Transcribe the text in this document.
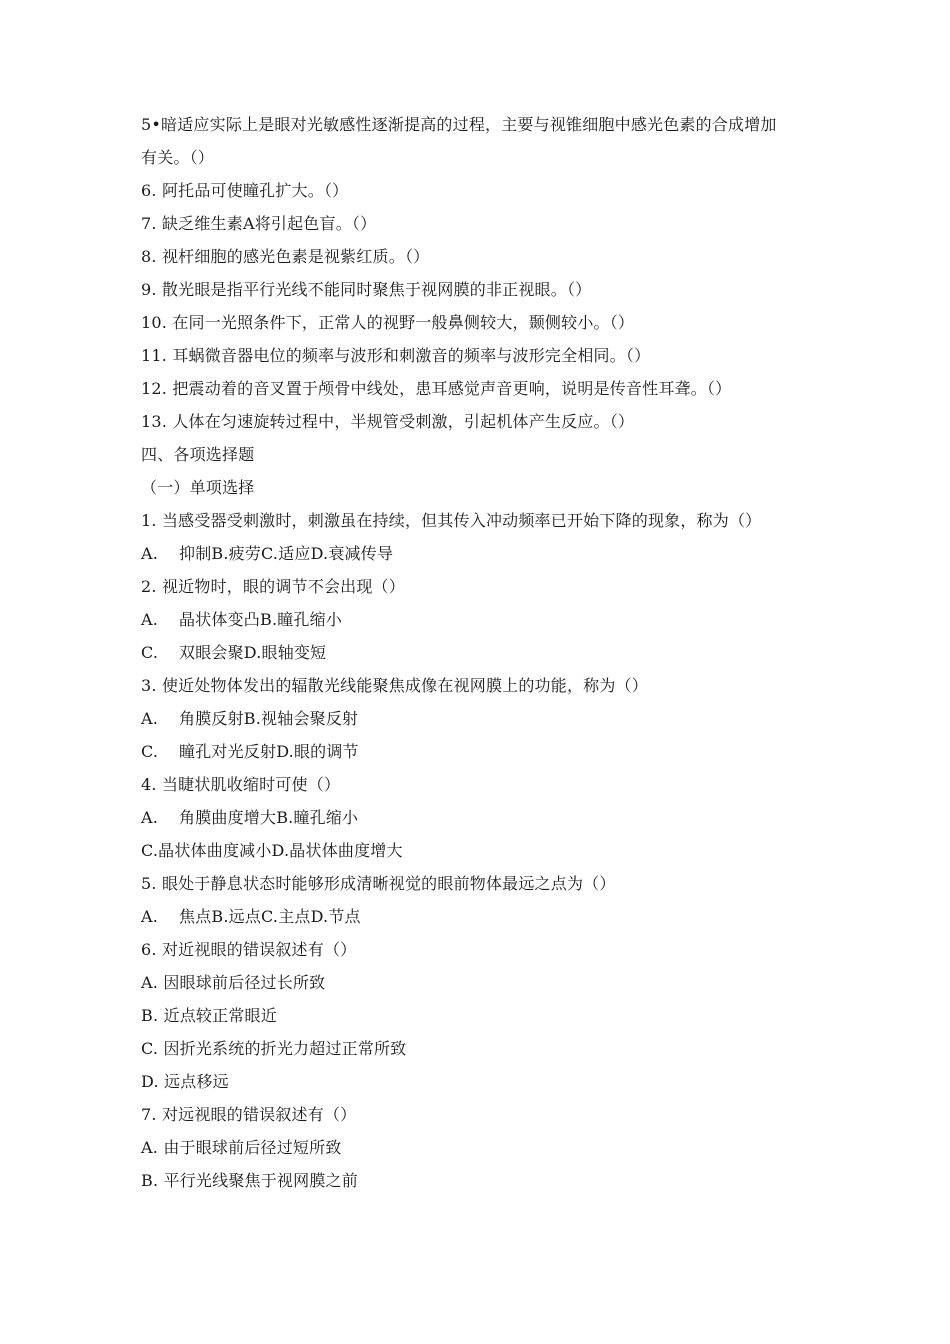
5•暗适应实际上是眼对光敏感性逐渐提高的过程，主要与视锥细胞中感光色素的合成增加
有关。（）
6. 阿托品可使瞳孔扩大。（）
7. 缺乏维生素A将引起色盲。（）
8. 视杆细胞的感光色素是视紫红质。（）
9. 散光眼是指平行光线不能同时聚焦于视网膜的非正视眼。（）
10. 在同一光照条件下，正常人的视野一般鼻侧较大，颞侧较小。（）
11. 耳蜗微音器电位的频率与波形和刺激音的频率与波形完全相同。（）
12. 把震动着的音叉置于颅骨中线处，患耳感觉声音更响，说明是传音性耳聋。（）
13. 人体在匀速旋转过程中，半规管受刺激，引起机体产生反应。（）
四、各项选择题
（一）单项选择
1. 当感受器受刺激时，刺激虽在持续，但其传入冲动频率已开始下降的现象，称为（）
A. 抑制B.疲劳C.适应D.衰减传导
2. 视近物时，眼的调节不会出现（）
A. 晶状体变凸B.瞳孔缩小
C. 双眼会聚D.眼轴变短
3. 使近处物体发出的辐散光线能聚焦成像在视网膜上的功能，称为（）
A. 角膜反射B.视轴会聚反射
C. 瞳孔对光反射D.眼的调节
4. 当睫状肌收缩时可使（）
A. 角膜曲度增大B.瞳孔缩小
C.晶状体曲度减小D.晶状体曲度增大
5. 眼处于静息状态时能够形成清晰视觉的眼前物体最远之点为（）
A. 焦点B.远点C.主点D.节点
6. 对近视眼的错误叙述有（）
A. 因眼球前后径过长所致
B. 近点较正常眼近
C. 因折光系统的折光力超过正常所致
D. 远点移远
7. 对远视眼的错误叙述有（）
A. 由于眼球前后径过短所致
B. 平行光线聚焦于视网膜之前
